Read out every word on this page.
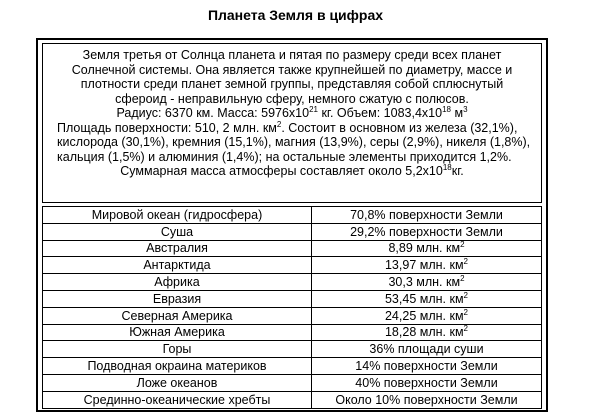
Планета Земля в цифрах
Земля третья от Солнца планета и пятая по размеру среди всех планет
Солнечной системы. Она является также крупнейшей по диаметру, массе и
плотности среди планет земной группы, представляя собой сплюснутый
сфероид - неправильную сферу, немного сжатую с полюсов.
Радиус: 6370 км. Масса: $5976x10^{21}$ кг. Объем: $1083,4x10^{18}$ $м^3$
Площадь поверхности: 510, 2 млн. $км^2$. Состоит в основном из железа (32,1%),
кислорода (30,1%), кремния (15,1%), магния (13,9%), серы (2,9%), никеля (1,8%),
кальция (1,5%) и алюминия (1,4%); на остальные элементы приходится 1,2%.
Суммарная масса атмосферы составляет около $5,2x10^{18}кг$.
Мировой океан (гидросфера)	70,8% поверхности Земли
Суша	29,2% поверхности Земли
Австралия	8,89 млн. $км^2$
Антарктида	13,97 млн. $км^2$
Африка	30,3 млн. $км^2$
Евразия	53,45 млн. $км^2$
Северная Америка	24,25 млн. $км^2$
Южная Америка	18,28 млн. $км^2$
Горы	36% площади суши
Подводная окраина материков	14% поверхности Земли
Ложе океанов	40% поверхности Земли
Срединно-океанические хребты	Около 10% поверхности Земли
